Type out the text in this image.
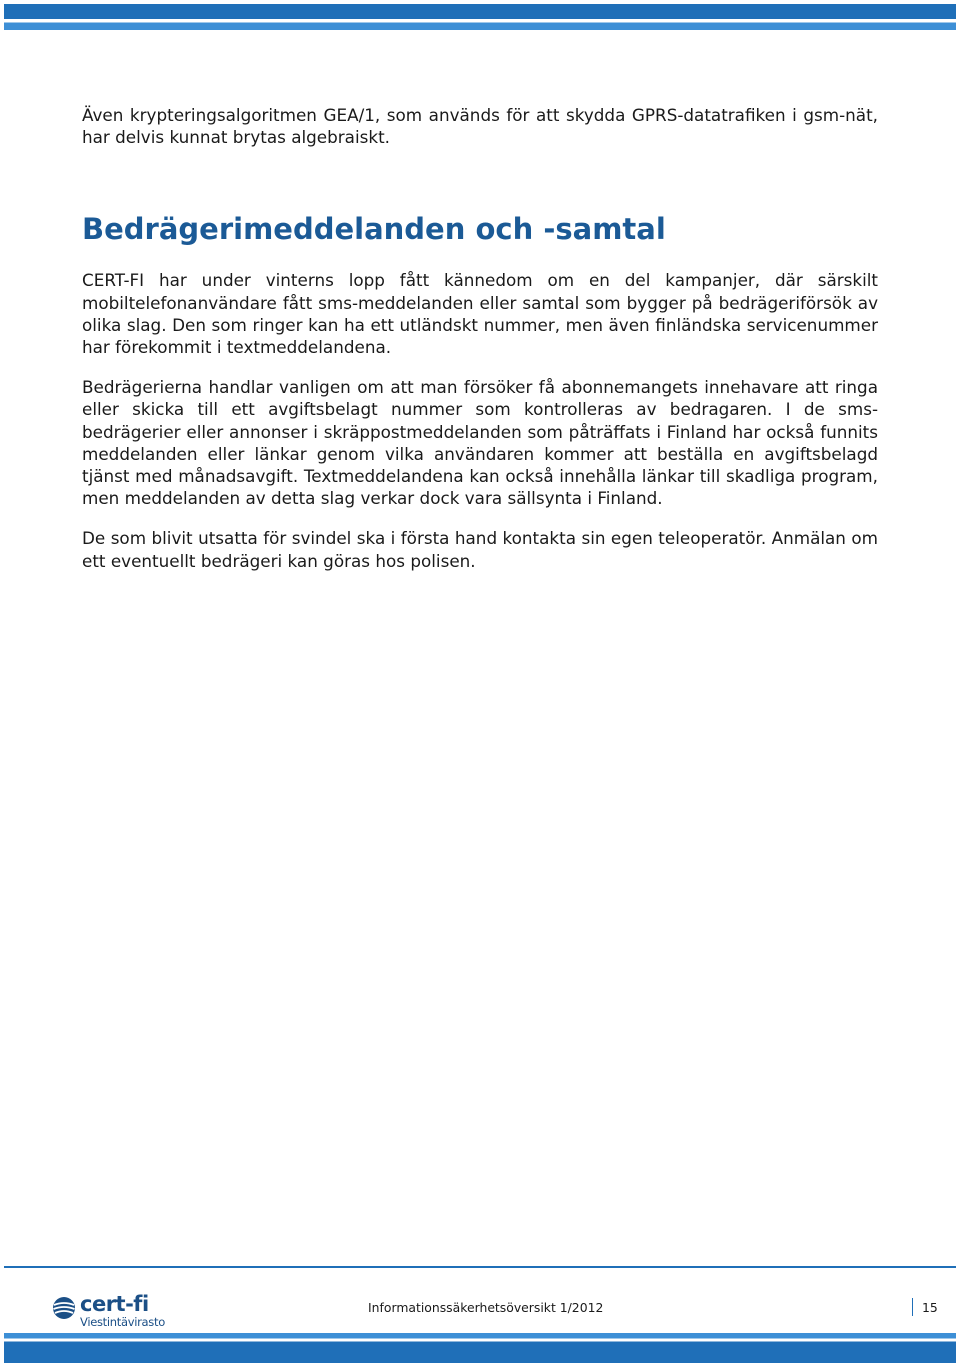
Även krypteringsalgoritmen GEA/1, som används för att skydda GPRS-datatrafiken i gsm-nät, har delvis kunnat brytas algebraiskt.

Bedrägerimeddelanden och -samtal

CERT-FI har under vinterns lopp fått kännedom om en del kampanjer, där särskilt mobiltelefonanvändare fått sms-meddelanden eller samtal som bygger på bedrägeriförsök av olika slag. Den som ringer kan ha ett utländskt nummer, men även finländska servicenummer har förekommit i textmeddelandena.

Bedrägerierna handlar vanligen om att man försöker få abonnemangets innehavare att ringa eller skicka till ett avgiftsbelagt nummer som kontrolleras av bedragaren. I de sms-bedrägerier eller annonser i skräppostmeddelanden som påträffats i Finland har också funnits meddelanden eller länkar genom vilka användaren kommer att beställa en avgiftsbelagd tjänst med månadsavgift. Textmeddelandena kan också innehålla länkar till skadliga program, men meddelanden av detta slag verkar dock vara sällsynta i Finland.

De som blivit utsatta för svindel ska i första hand kontakta sin egen teleoperatör. Anmälan om ett eventuellt bedrägeri kan göras hos polisen.

cert-fi
Viestintävirasto
Informationssäkerhetsöversikt 1/2012	15
